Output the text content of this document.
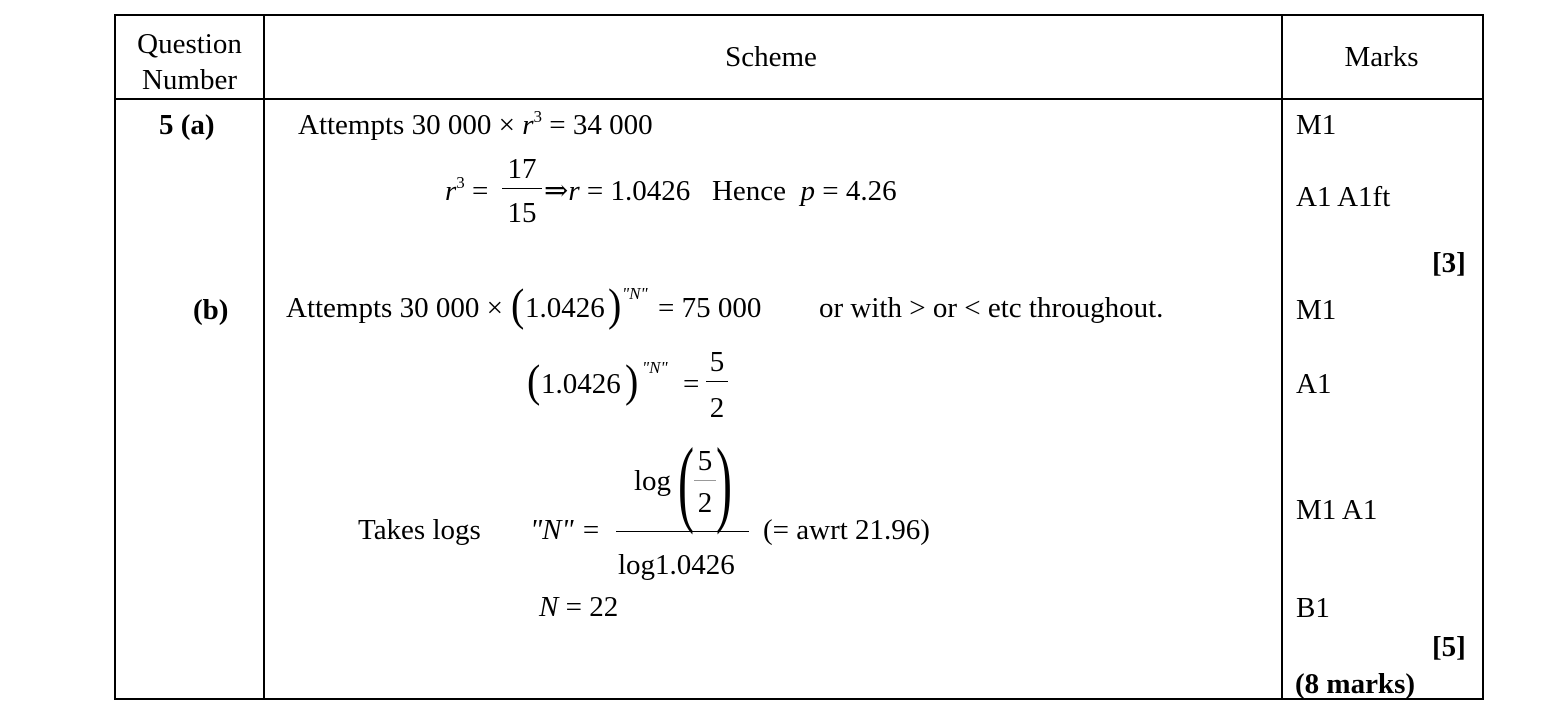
Question
Number
Scheme	Marks
5 (a)	Attempts 30 $000 \times r^3 = 34$ 000
$r^3$ =
17
15
⇒r = 1.0426 Hence p = 4.26
M1
A1 A1ft
[3]
(b) Attempts 30 000 × ( 1.0426 ) "N" = 75 000 or with > or < etc throughout.
( 1.0426 ) "N"
=
5
2
Takes logs "N" =
log ( 5
2 )
log1.0426
(= awrt 21.96)
N = 22
M1
A1
M1 A1
B1
[5]
(8 marks)
